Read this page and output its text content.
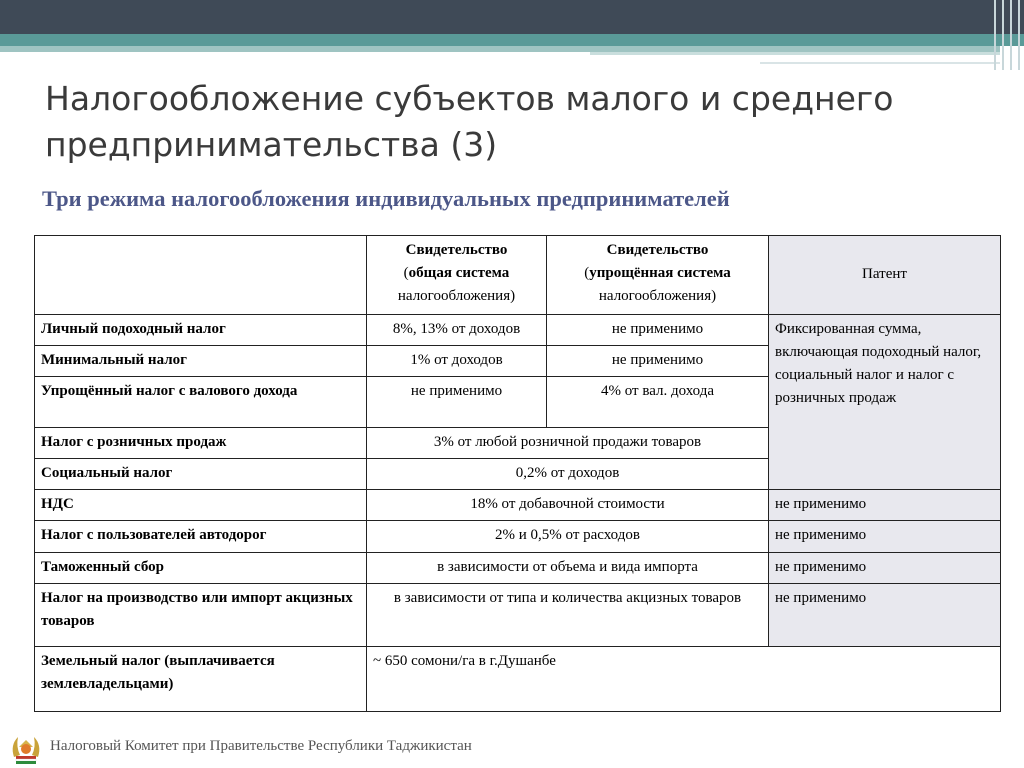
Налогообложение субъектов малого и среднего предпринимательства (3)
Три режима налогообложения индивидуальных предпринимателей
	Свидетельство
(общая система
налогообложения)	Свидетельство
(упрощённая система
налогообложения)	Патент
Личный подоходный налог	8%, 13% от доходов	не применимо	Фиксированная сумма, включающая подоходный налог, социальный налог и налог с розничных продаж
Минимальный налог	1% от доходов	не применимо	
Упрощённый налог с валового дохода	не применимо	4% от вал. дохода	
Налог с розничных продаж	3% от любой розничной продажи товаров		
Социальный налог	0,2% от доходов		
НДС	18% от добавочной стоимости		не применимо
Налог с пользователей автодорог	2% и 0,5% от расходов		не применимо
Таможенный сбор	в зависимости от объема и вида импорта		не применимо
Налог на производство или импорт акцизных товаров	в зависимости от типа и количества акцизных товаров		не применимо
Земельный налог (выплачивается землевладельцами)	~ 650 сомони/га в г.Душанбе		
Налоговый Комитет при Правительстве Республики Таджикистан
